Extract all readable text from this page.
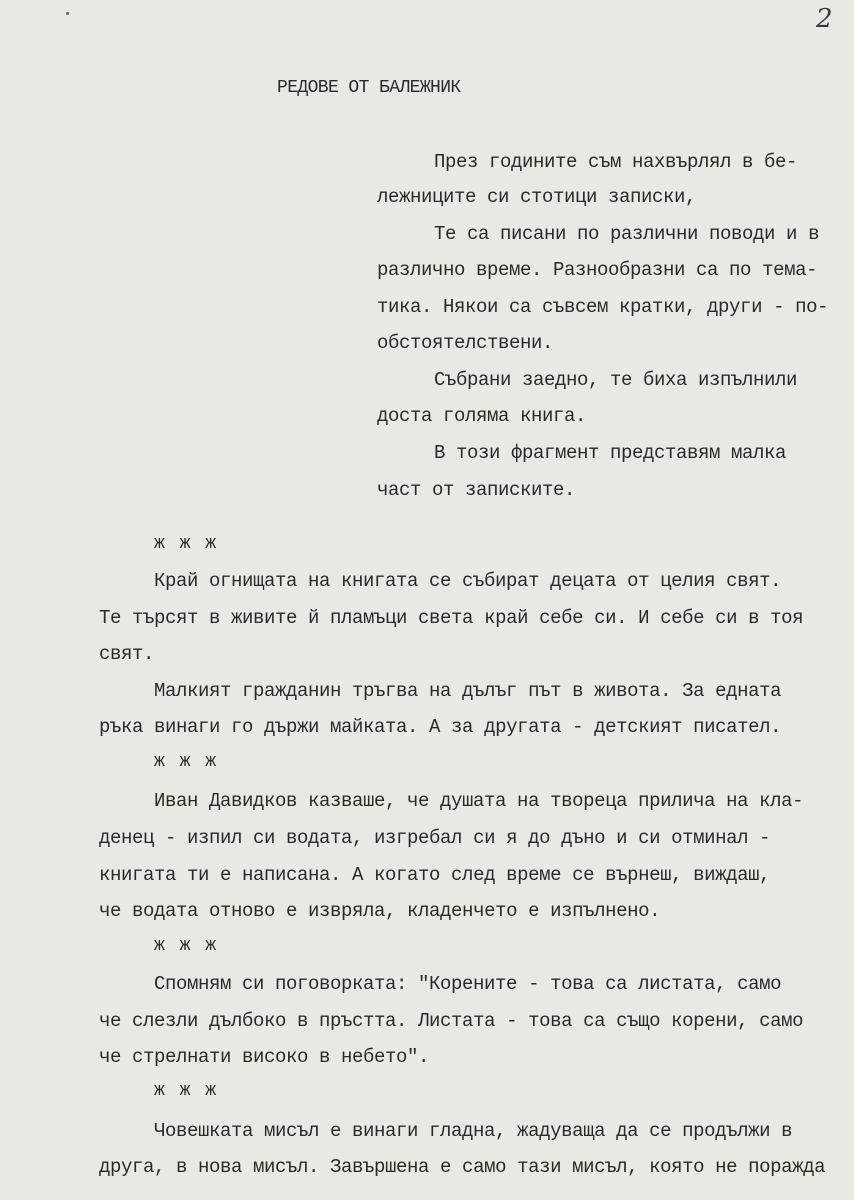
2
РЕДОВЕ ОТ БАЛЕЖНИК
През годините съм нахвърлял в бе-
лежниците си стотици записки,
Те са писани по различни поводи и в
различно време. Разнообразни са по тема-
тика. Някои са съвсем кратки, други - по-
обстоятелствени.
Събрани заедно, те биха изпълнили
доста голяма книга.
В този фрагмент представям малка
част от записките.
ж ж ж
Край огнищата на книгата се събират децата от целия свят.
Те търсят в живите й пламъци света край себе си. И себе си в тоя
свят.
Малкият гражданин тръгва на дълъг път в живота. За едната
ръка винаги го държи майката. А за другата - детският писател.
ж ж ж
Иван Давидков казваше, че душата на твореца прилича на кла-
денец - изпил си водата, изгребал си я до дъно и си отминал -
книгата ти е написана. А когато след време се върнеш, виждаш,
че водата отново е извряла, кладенчето е изпълнено.
ж ж ж
Спомням си поговорката: "Корените - това са листата, само
че слезли дълбоко в пръстта. Листата - това са също корени, само
че стрелнати високо в небето".
ж ж ж
Човешката мисъл е винаги гладна, жадуваща да се продължи в
друга, в нова мисъл. Завършена е само тази мисъл, която не поражда
